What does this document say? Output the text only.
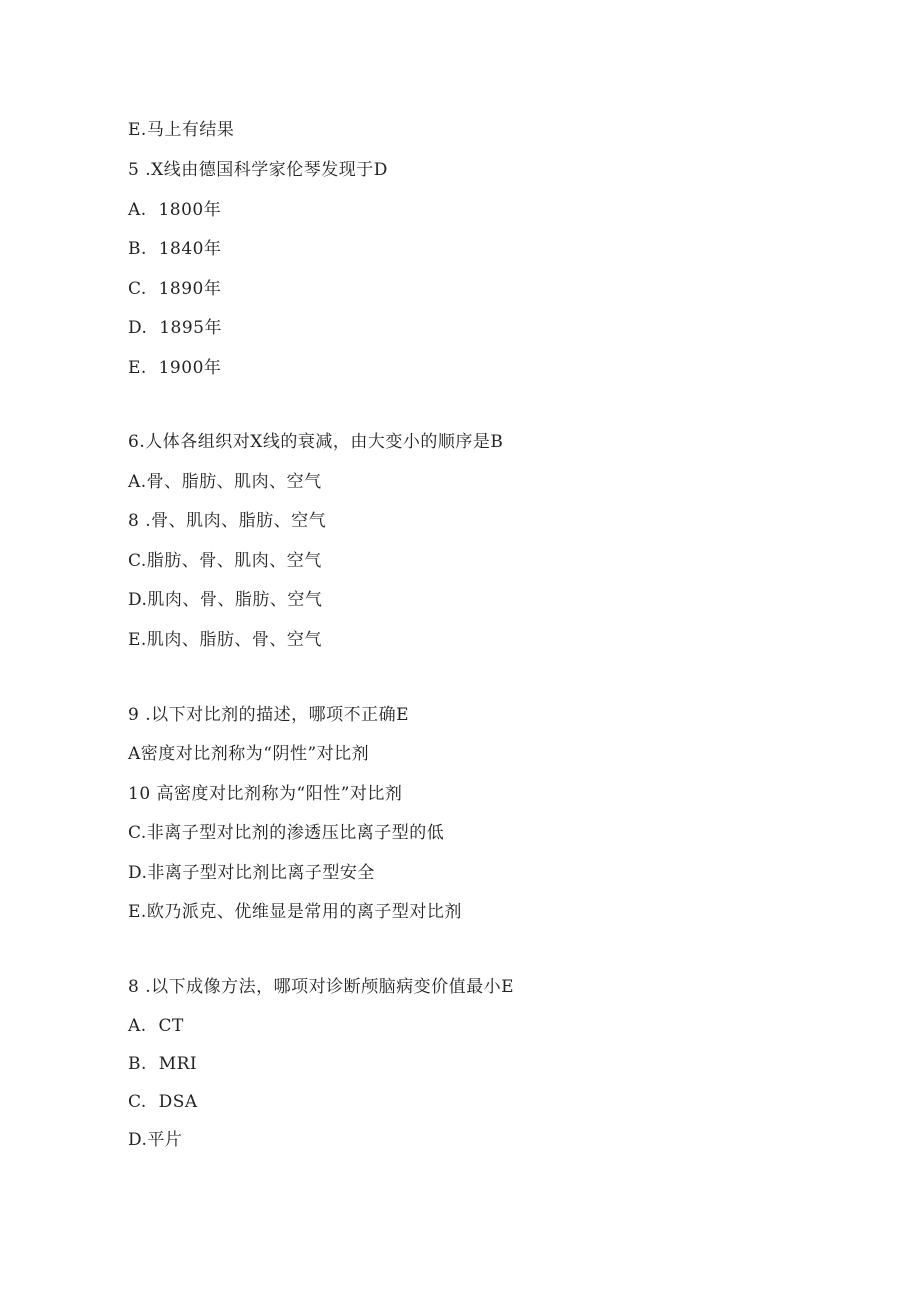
E.马上有结果
5 .X线由德国科学家伦琴发现于D
A.  1800年
B.  1840年
C.  1890年
D.  1895年
E.  1900年
6.人体各组织对X线的衰减，由大变小的顺序是B
A.骨、脂肪、肌肉、空气
8 .骨、肌肉、脂肪、空气
C.脂肪、骨、肌肉、空气
D.肌肉、骨、脂肪、空气
E.肌肉、脂肪、骨、空气
9 .以下对比剂的描述，哪项不正确E
A密度对比剂称为“阴性”对比剂
10 高密度对比剂称为“阳性”对比剂
C.非离子型对比剂的渗透压比离子型的低
D.非离子型对比剂比离子型安全
E.欧乃派克、优维显是常用的离子型对比剂
8 .以下成像方法，哪项对诊断颅脑病变价值最小E
A.  CT
B.  MRI
C.  DSA
D.平片
